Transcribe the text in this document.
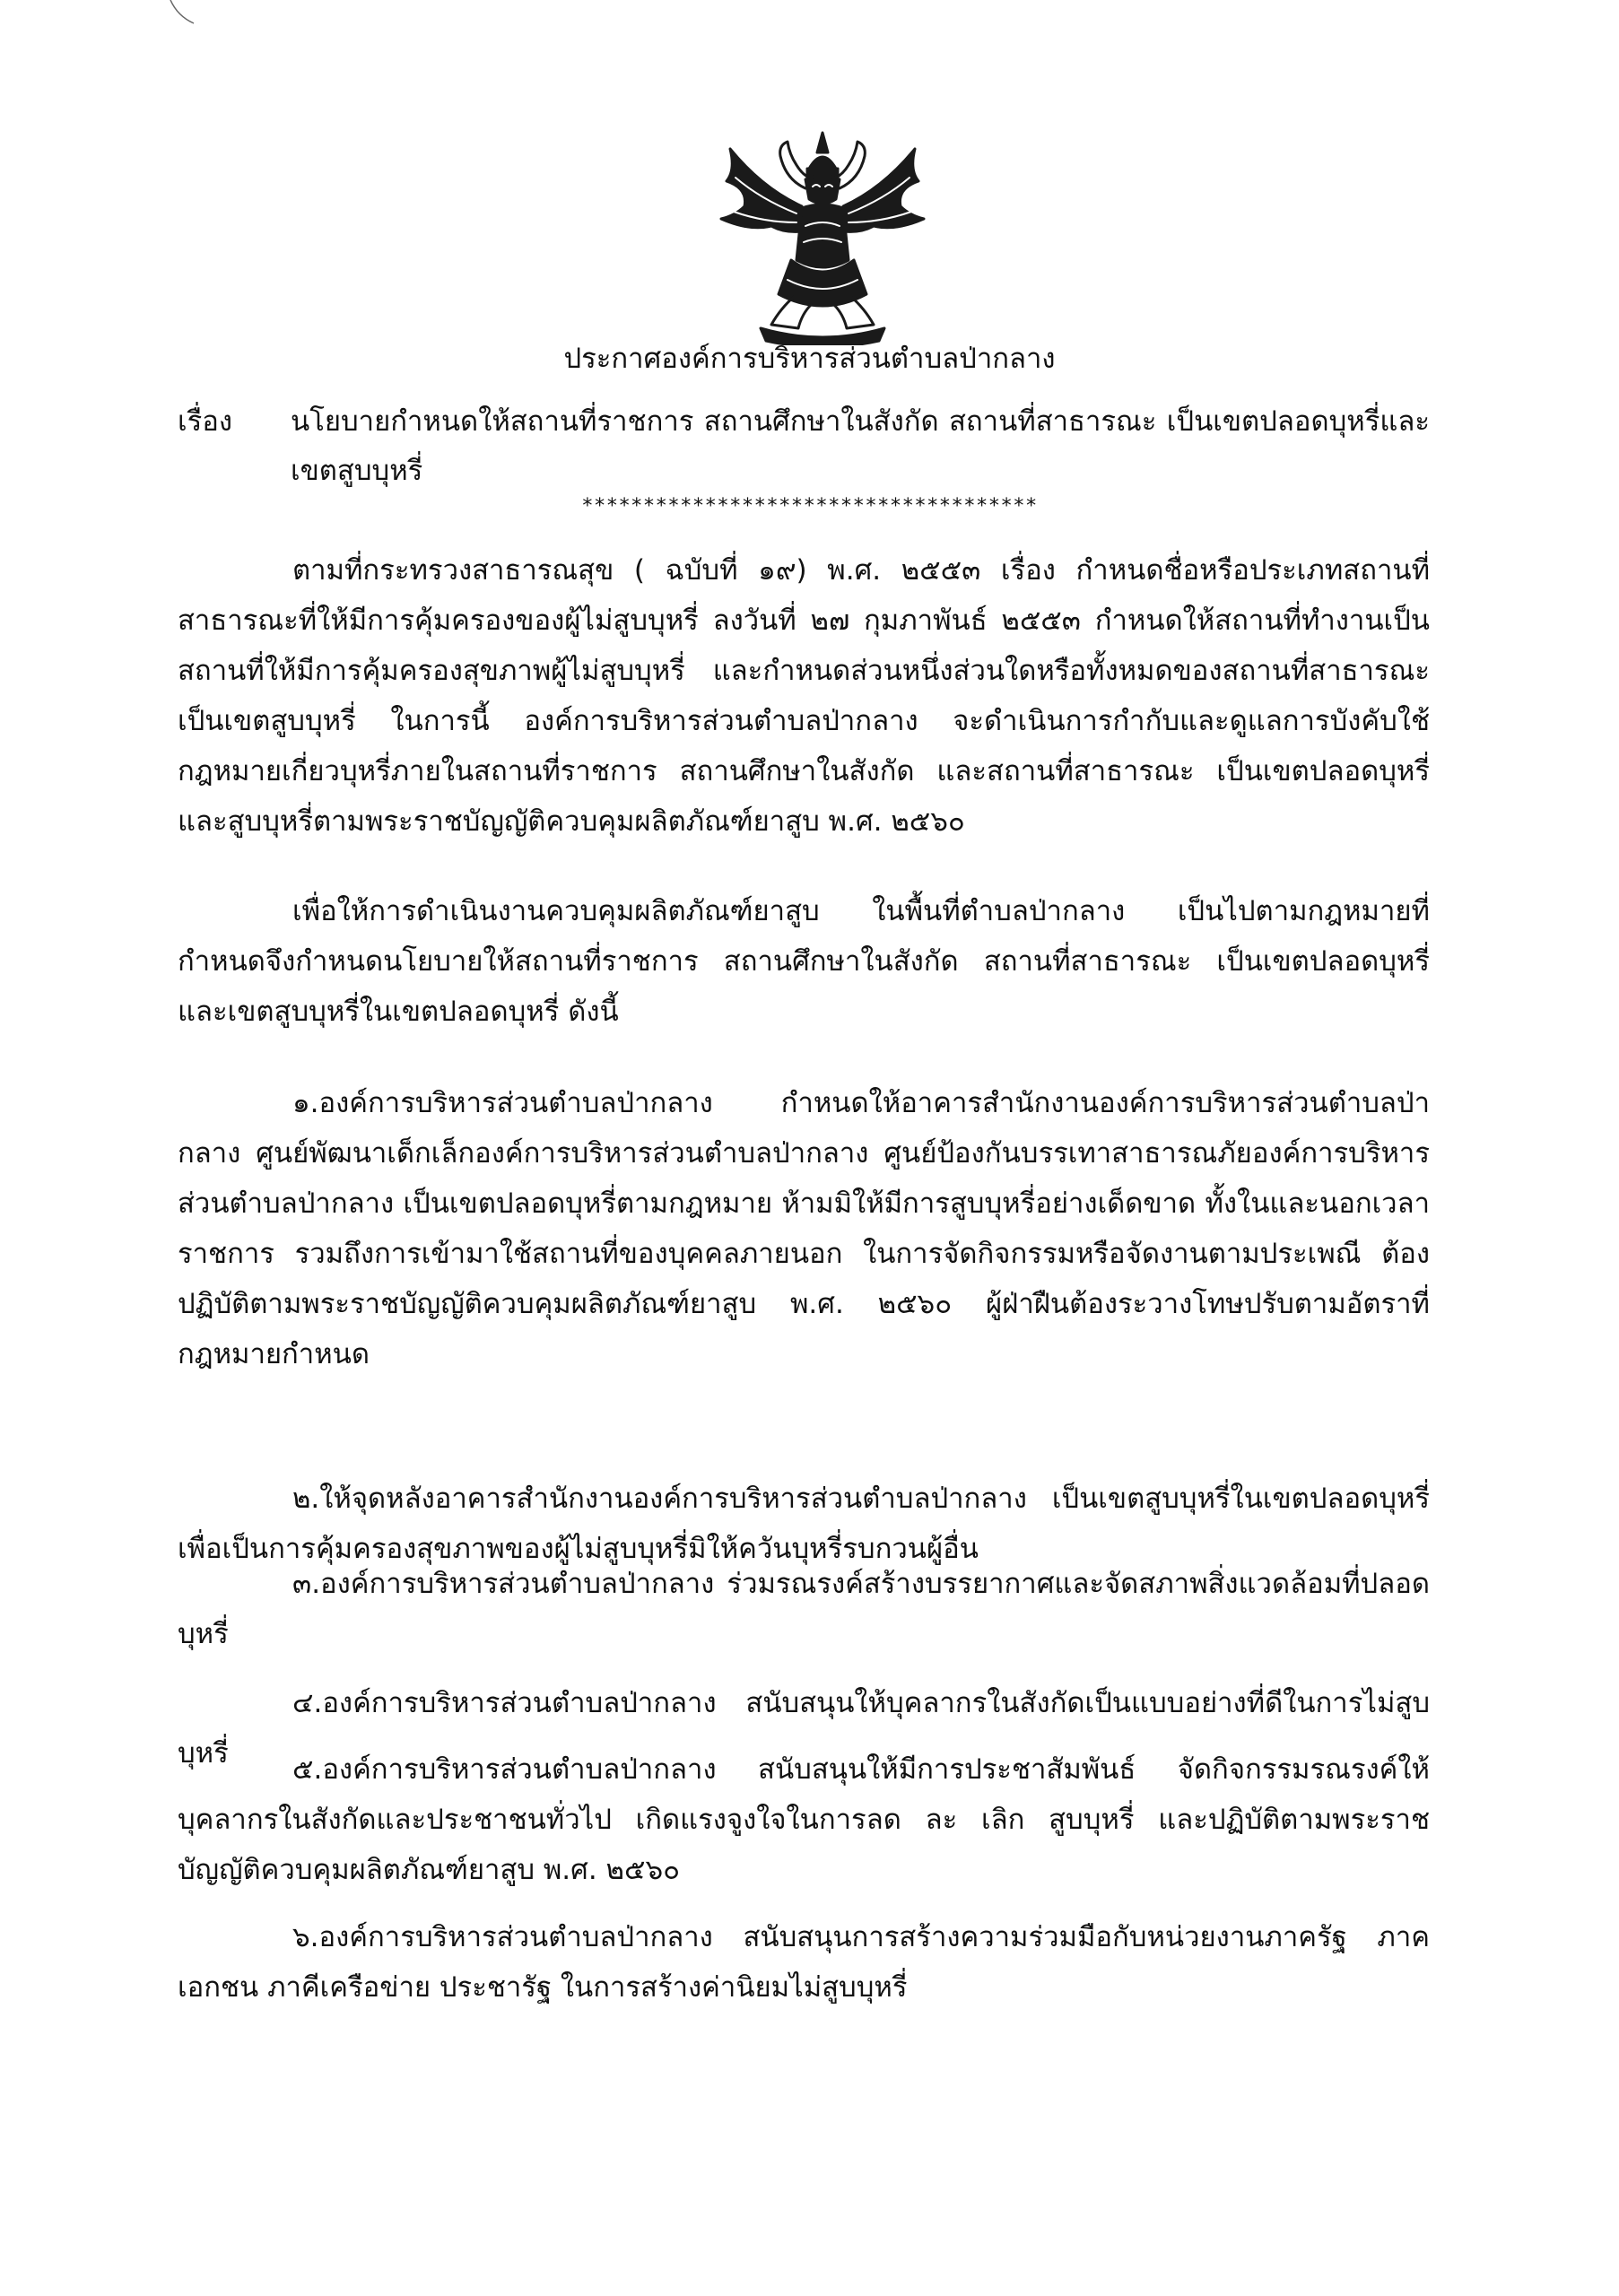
ประกาศองค์การบริหารส่วนตำบลป่ากลาง
เรื่อง นโยบายกำหนดให้สถานที่ราชการ สถานศึกษาในสังกัด สถานที่สาธารณะ เป็นเขตปลอดบุหรี่และเขตสูบบุหรี่
*************************************

ตามที่กระทรวงสาธารณสุข ( ฉบับที่ ๑๙) พ.ศ. ๒๕๕๓ เรื่อง กำหนดชื่อหรือประเภทสถานที่สาธารณะที่ให้มีการคุ้มครองของผู้ไม่สูบบุหรี่ ลงวันที่ ๒๗ กุมภาพันธ์ ๒๕๕๓ กำหนดให้สถานที่ทำงานเป็นสถานที่ให้มีการคุ้มครองสุขภาพผู้ไม่สูบบุหรี่ และกำหนดส่วนหนึ่งส่วนใดหรือทั้งหมดของสถานที่สาธารณะเป็นเขตสูบบุหรี่ ในการนี้ องค์การบริหารส่วนตำบลป่ากลาง จะดำเนินการกำกับและดูแลการบังคับใช้กฎหมายเกี่ยวบุหรี่ภายในสถานที่ราชการ สถานศึกษาในสังกัด และสถานที่สาธารณะ เป็นเขตปลอดบุหรี่และสูบบุหรี่ตามพระราชบัญญัติควบคุมผลิตภัณฑ์ยาสูบ พ.ศ. ๒๕๖๐

เพื่อให้การดำเนินงานควบคุมผลิตภัณฑ์ยาสูบ ในพื้นที่ตำบลป่ากลาง เป็นไปตามกฎหมายที่กำหนดจึงกำหนดนโยบายให้สถานที่ราชการ สถานศึกษาในสังกัด สถานที่สาธารณะ เป็นเขตปลอดบุหรี่และเขตสูบบุหรี่ในเขตปลอดบุหรี่ ดังนี้

๑.องค์การบริหารส่วนตำบลป่ากลาง กำหนดให้อาคารสำนักงานองค์การบริหารส่วนตำบลป่ากลาง ศูนย์พัฒนาเด็กเล็กองค์การบริหารส่วนตำบลป่ากลาง ศูนย์ป้องกันบรรเทาสาธารณภัยองค์การบริหารส่วนตำบลป่ากลาง เป็นเขตปลอดบุหรี่ตามกฎหมาย ห้ามมิให้มีการสูบบุหรี่อย่างเด็ดขาด ทั้งในและนอกเวลาราชการ รวมถึงการเข้ามาใช้สถานที่ของบุคคลภายนอก ในการจัดกิจกรรมหรือจัดงานตามประเพณี ต้องปฏิบัติตามพระราชบัญญัติควบคุมผลิตภัณฑ์ยาสูบ พ.ศ. ๒๕๖๐ ผู้ฝ่าฝืนต้องระวางโทษปรับตามอัตราที่กฎหมายกำหนด

๒.ให้จุดหลังอาคารสำนักงานองค์การบริหารส่วนตำบลป่ากลาง เป็นเขตสูบบุหรี่ในเขตปลอดบุหรี่เพื่อเป็นการคุ้มครองสุขภาพของผู้ไม่สูบบุหรี่มิให้ควันบุหรี่รบกวนผู้อื่น

๓.องค์การบริหารส่วนตำบลป่ากลาง ร่วมรณรงค์สร้างบรรยากาศและจัดสภาพสิ่งแวดล้อมที่ปลอดบุหรี่

๔.องค์การบริหารส่วนตำบลป่ากลาง สนับสนุนให้บุคลากรในสังกัดเป็นแบบอย่างที่ดีในการไม่สูบบุหรี่	๕.องค์การบริหารส่วนตำบลป่ากลาง สนับสนุนให้มีการประชาสัมพันธ์ จัดกิจกรรมรณรงค์ให้บุคลากรในสังกัดและประชาชนทั่วไป เกิดแรงจูงใจในการลด ละ เลิก สูบบุหรี่ และปฏิบัติตามพระราชบัญญัติควบคุมผลิตภัณฑ์ยาสูบ พ.ศ. ๒๕๖๐

๖.องค์การบริหารส่วนตำบลป่ากลาง สนับสนุนการสร้างความร่วมมือกับหน่วยงานภาครัฐ ภาคเอกชน ภาคีเครือข่าย ประชารัฐ ในการสร้างค่านิยมไม่สูบบุหรี่
